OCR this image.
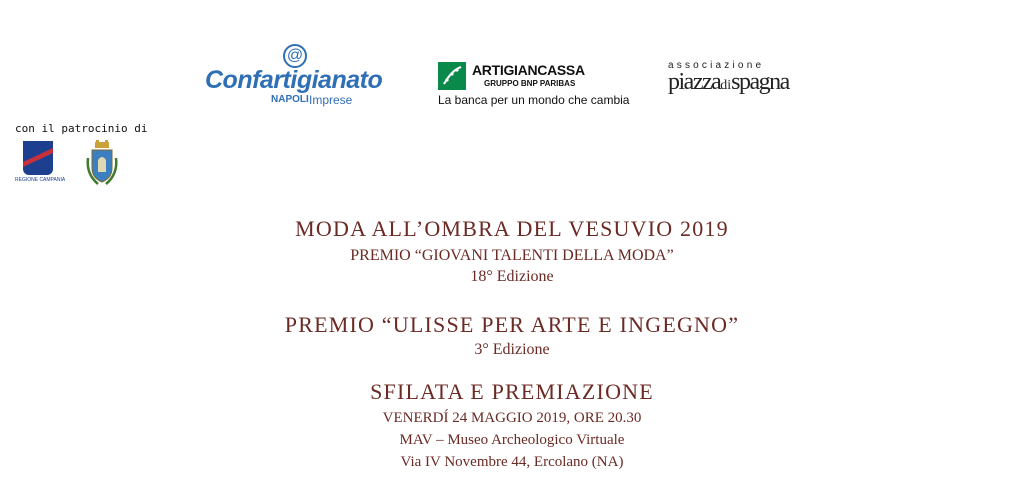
@
Confartigianato
NAPOLI Imprese
ARTIGIANCASSA
GRUPPO BNP PARIBAS
La banca per un mondo che cambia
associazione
piazzadispagna
con il patrocinio di
REGIONE CAMPANIA
MODA ALL’OMBRA DEL VESUVIO 2019
PREMIO “GIOVANI TALENTI DELLA MODA”
18° Edizione
PREMIO “ULISSE PER ARTE E INGEGNO”
3° Edizione
SFILATA E PREMIAZIONE
VENERDÍ 24 MAGGIO 2019, ORE 20.30
MAV – Museo Archeologico Virtuale
Via IV Novembre 44, Ercolano (NA)
